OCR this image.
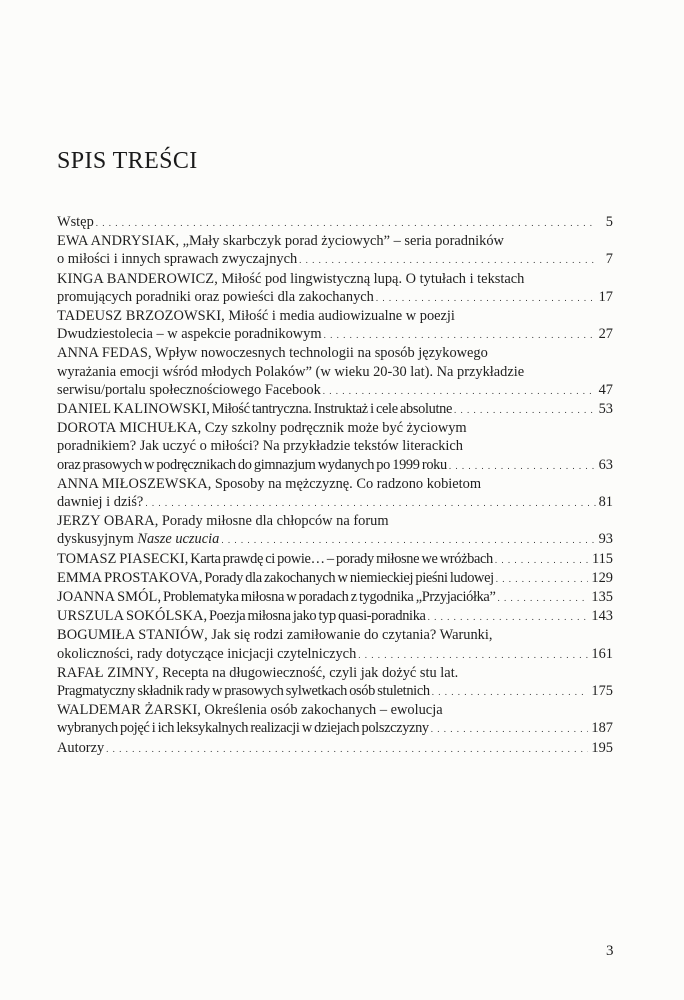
SPIS TREŚCI
Wstęp . . .	5
EWA ANDRYSIAK, „Mały skarbczyk porad życiowych” – seria poradników
o miłości i innych sprawach zwyczajnych . . .	7
KINGA BANDEROWICZ, Miłość pod lingwistyczną lupą. O tytułach i tekstach
promujących poradniki oraz powieści dla zakochanych . . .	17
TADEUSZ BRZOZOWSKI, Miłość i media audiowizualne w poezji
Dwudziestolecia – w aspekcie poradnikowym . . .	27
ANNA FEDAS, Wpływ nowoczesnych technologii na sposób językowego
wyrażania emocji wśród młodych Polaków” (w wieku 20-30 lat). Na przykładzie
serwisu/portalu społecznościowego Facebook . . .	47
DANIEL KALINOWSKI, Miłość tantryczna. Instruktaż i cele absolutne . . .	53
DOROTA MICHUŁKA, Czy szkolny podręcznik może być życiowym
poradnikiem? Jak uczyć o miłości? Na przykładzie tekstów literackich
oraz prasowych w podręcznikach do gimnazjum wydanych po 1999 roku . . .	63
ANNA MIŁOSZEWSKA, Sposoby na mężczyznę. Co radzono kobietom
dawniej i dziś? . . .	81
JERZY OBARA, Porady miłosne dla chłopców na forum
dyskusyjnym Nasze uczucia . . .	93
TOMASZ PIASECKI, Karta prawdę ci powie… – porady miłosne we wróżbach . . .	115
EMMA PROSTAKOVA, Porady dla zakochanych w niemieckiej pieśni ludowej . . .	129
JOANNA SMÓL, Problematyka miłosna w poradach z tygodnika „Przyjaciółka” . . .	135
URSZULA SOKÓLSKA, Poezja miłosna jako typ quasi-poradnika . . .	143
BOGUMIŁA STANIÓW, Jak się rodzi zamiłowanie do czytania? Warunki,
okoliczności, rady dotyczące inicjacji czytelniczych . . .	161
RAFAŁ ZIMNY, Recepta na długowieczność, czyli jak dożyć stu lat.
Pragmatyczny składnik rady w prasowych sylwetkach osób stuletnich . . .	175
WALDEMAR ŻARSKI, Określenia osób zakochanych – ewolucja
wybranych pojęć i ich leksykalnych realizacji w dziejach polszczyzny . . .	187
Autorzy . . .	195
3
